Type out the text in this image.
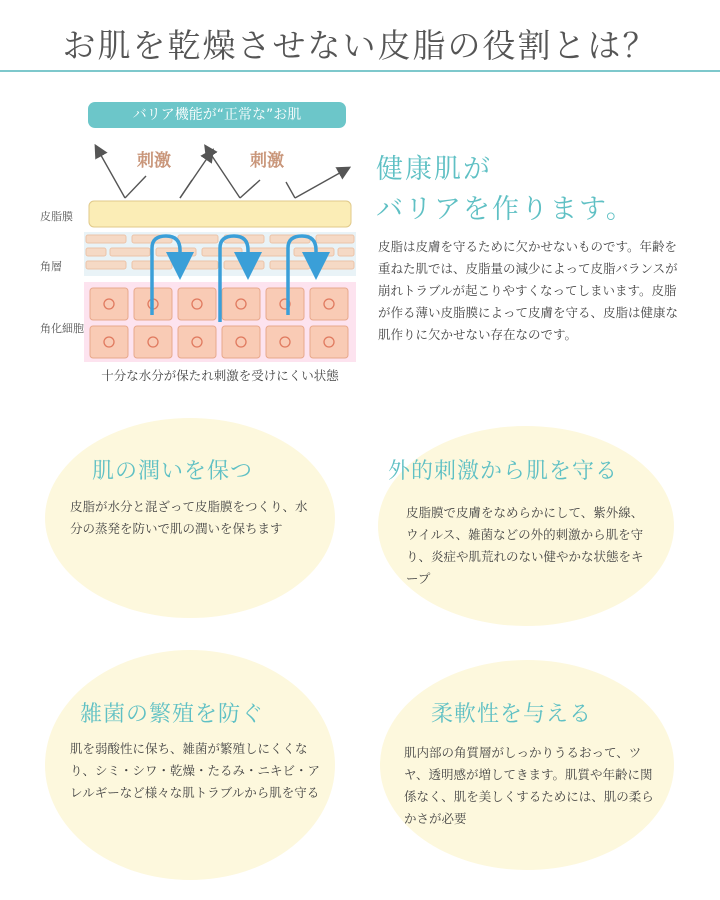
お肌を乾燥させない皮脂の役割とは？
バリア機能が“正常な”お肌
刺激	刺激
皮脂膜
角層
角化細胞
十分な水分が保たれ刺激を受けにくい状態
健康肌が
バリアを作ります。
皮脂は皮膚を守るために欠かせないものです。年齢を重ねた肌では、皮脂量の減少によって皮脂バランスが崩れトラブルが起こりやすくなってしまいます。皮脂が作る薄い皮脂膜によって皮膚を守る、皮脂は健康な肌作りに欠かせない存在なのです。
肌の潤いを保つ
皮脂が水分と混ざって皮脂膜をつくり、水分の蒸発を防いで肌の潤いを保ちます
外的刺激から肌を守る
皮脂膜で皮膚をなめらかにして、紫外線、ウイルス、雑菌などの外的刺激から肌を守り、炎症や肌荒れのない健やかな状態をキープ
雑菌の繁殖を防ぐ
肌を弱酸性に保ち、雑菌が繁殖しにくくなり、シミ・シワ・乾燥・たるみ・ニキビ・アレルギーなど様々な肌トラブルから肌を守る
柔軟性を与える
肌内部の角質層がしっかりうるおって、ツヤ、透明感が増してきます。肌質や年齢に関係なく、肌を美しくするためには、肌の柔らかさが必要
